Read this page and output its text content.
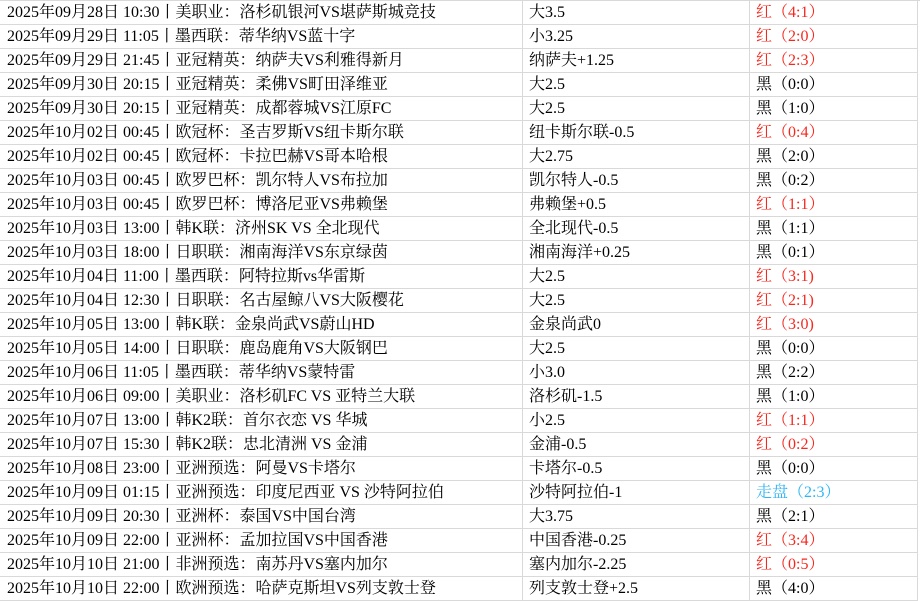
2025年09月28日 10:30丨美职业：洛杉矶银河VS堪萨斯城竞技	大3.5	红（4:1）
2025年09月29日 11:05丨墨西联：蒂华纳VS蓝十字	小3.25	红（2:0）
2025年09月29日 21:45丨亚冠精英：纳萨夫VS利雅得新月	纳萨夫+1.25	红（2:3）
2025年09月30日 20:15丨亚冠精英：柔佛VS町田泽维亚	大2.5	黑（0:0）
2025年09月30日 20:15丨亚冠精英：成都蓉城VS江原FC	大2.5	黑（1:0）
2025年10月02日 00:45丨欧冠杯：圣吉罗斯VS纽卡斯尔联	纽卡斯尔联-0.5	红（0:4）
2025年10月02日 00:45丨欧冠杯：卡拉巴赫VS哥本哈根	大2.75	黑（2:0）
2025年10月03日 00:45丨欧罗巴杯：凯尔特人VS布拉加	凯尔特人-0.5	黑（0:2）
2025年10月03日 00:45丨欧罗巴杯：博洛尼亚VS弗赖堡	弗赖堡+0.5	红（1:1）
2025年10月03日 13:00丨韩K联：济州SK VS 全北现代	全北现代-0.5	黑（1:1）
2025年10月03日 18:00丨日职联：湘南海洋VS东京绿茵	湘南海洋+0.25	黑（0:1）
2025年10月04日 11:00丨墨西联：阿特拉斯vs华雷斯	大2.5	红（3:1)
2025年10月04日 12:30丨日职联：名古屋鲸八VS大阪樱花	大2.5	红（2:1)
2025年10月05日 13:00丨韩K联：金泉尚武VS蔚山HD	金泉尚武0	红（3:0)
2025年10月05日 14:00丨日职联：鹿岛鹿角VS大阪钢巴	大2.5	黑（0:0）
2025年10月06日 11:05丨墨西联：蒂华纳VS蒙特雷	小3.0	黑（2:2）
2025年10月06日 09:00丨美职业：洛杉矶FC VS 亚特兰大联	洛杉矶-1.5	黑（1:0）
2025年10月07日 13:00丨韩K2联：首尔衣恋 VS 华城	小2.5	红（1:1）
2025年10月07日 15:30丨韩K2联：忠北清洲 VS 金浦	金浦-0.5	红（0:2）
2025年10月08日 23:00丨亚洲预选：阿曼VS卡塔尔	卡塔尔-0.5	黑（0:0）
2025年10月09日 01:15丨亚洲预选：印度尼西亚 VS 沙特阿拉伯	沙特阿拉伯-1	走盘（2:3）
2025年10月09日 20:30丨亚洲杯：泰国VS中国台湾	大3.75	黑（2:1）
2025年10月09日 22:00丨亚洲杯：孟加拉国VS中国香港	中国香港-0.25	红（3:4）
2025年10月10日 21:00丨非洲预选：南苏丹VS塞内加尔	塞内加尔-2.25	红（0:5）
2025年10月10日 22:00丨欧洲预选：哈萨克斯坦VS列支敦士登	列支敦士登+2.5	黑（4:0）
